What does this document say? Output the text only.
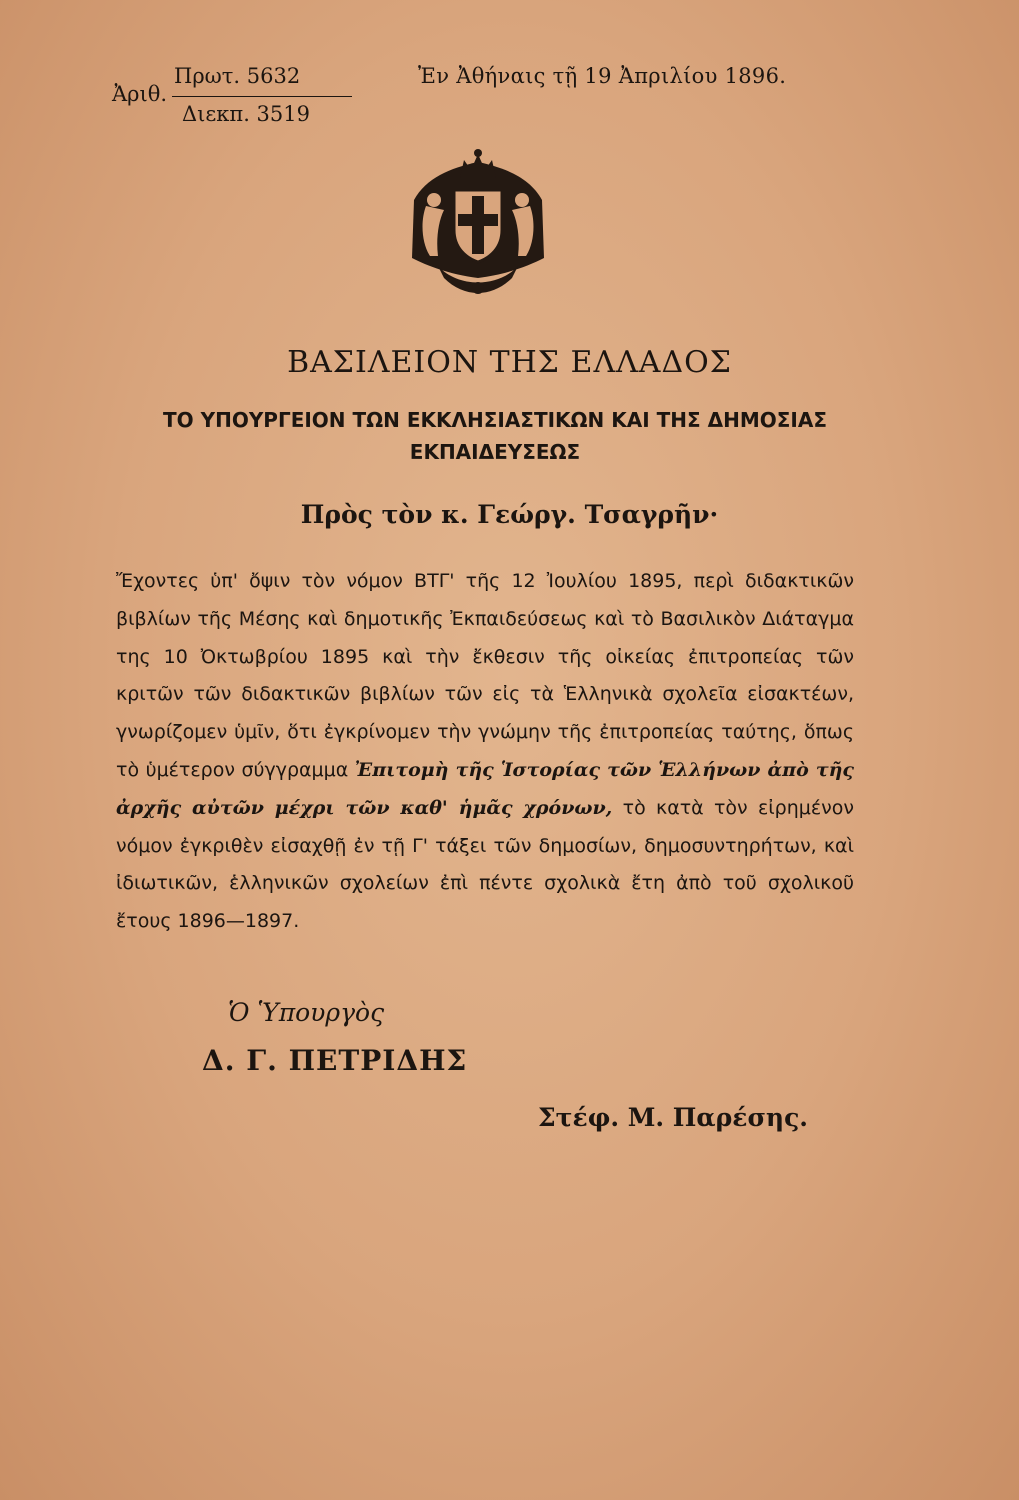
Ἀριθ.
Πρωτ. 5632
Διεκπ. 3519
Ἐν Ἀθήναις τῇ 19 Ἀπριλίου 1896.
ΒΑΣΙΛΕΙΟΝ ΤΗΣ ΕΛΛΑΔΟΣ
ΤΟ ΥΠΟΥΡΓΕΙΟΝ ΤΩΝ ΕΚΚΛΗΣΙΑΣΤΙΚΩΝ ΚΑΙ ΤΗΣ ΔΗΜΟΣΙΑΣ ΕΚΠΑΙΔΕΥΣΕΩΣ
Πρὸς τὸν κ. Γεώργ. Τσαγρῆν·
Ἔχοντες ὑπ' ὄψιν τὸν νόμον ΒΤΓ' τῆς 12 Ἰουλίου 1895, περὶ διδακτικῶν βιβλίων τῆς Μέσης καὶ δημοτικῆς Ἐκπαιδεύσεως καὶ τὸ Βασιλικὸν Διάταγμα της 10 Ὀκτωβρίου 1895 καὶ τὴν ἔκθεσιν τῆς οἰκείας ἐπιτροπείας τῶν κριτῶν τῶν διδακτικῶν βιβλίων τῶν εἰς τὰ Ἑλληνικὰ σχολεῖα εἰσακτέων, γνωρίζομεν ὑμῖν, ὅτι ἐγκρίνομεν τὴν γνώμην τῆς ἐπιτροπείας ταύτης, ὅπως τὸ ὑμέτερον σύγγραμμα Ἐπιτομὴ τῆς Ἱστορίας τῶν Ἑλλήνων ἀπὸ τῆς ἀρχῆς αὐτῶν μέχρι τῶν καθ' ἡμᾶς χρόνων, τὸ κατὰ τὸν εἰρημένον νόμον ἐγκριθὲν εἰσαχθῇ ἐν τῇ Γ' τάξει τῶν δημοσίων, δημοσυντηρήτων, καὶ ἰδιωτικῶν, ἑλληνικῶν σχολείων ἐπὶ πέντε σχολικὰ ἔτη ἀπὸ τοῦ σχολικοῦ ἔτους 1896—1897.
Ὁ Ὑπουργὸς
Δ. Γ. ΠΕΤΡΙΔΗΣ
Στέφ. Μ. Παρέσης.
